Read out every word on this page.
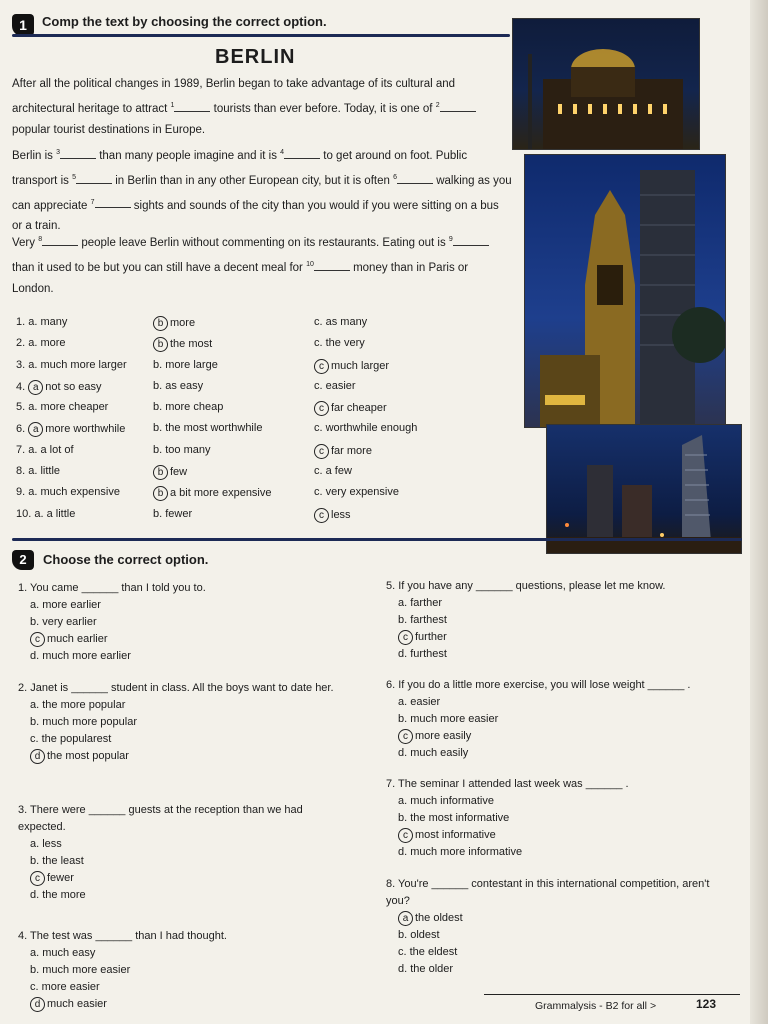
1	Comp the text by choosing the correct option.
BERLIN
After all the political changes in 1989, Berlin began to take advantage of its cultural and architectural heritage to attract $^1$	tourists than ever before. Today, it is one of $^2$ popular tourist destinations in Europe.
Berlin is $^3$	than many people imagine and it is $^4$	to get around on foot. Public transport is $^5$	in Berlin than in any other European city, but it is often $^6$	walking as you can appreciate $^7$	sights and sounds of the city than you would if you were sitting on a bus or a train.
Very $^8$	people leave Berlin without commenting on its restaurants. Eating out is $^9$ than it used to be but you can still have a decent meal for $^{10}$	money than in Paris or London.
1. a. many	b more	c. as many
2. a. more	b the most	c. the very
3. a. much more larger b. more large	c much larger
4. a not so easy	b. as easy	c. easier
5. a. more cheaper	b. more cheap	c far cheaper
6. a more worthwhile	b. the most worthwhile	c. worthwhile enough
7. a. a lot of	b. too many	c far more
8. a. little	b few	c. a few
9. a. much expensive	b a bit more expensive	c. very expensive
10. a. a little	b. fewer	c less
2	Choose the correct option.
1. You came ______ than I told you to.
a. more earlier
b. very earlier
c much earlier
d. much more earlier
2. Janet is ______ student in class. All the boys want to date her.
a. the more popular
b. much more popular
c. the popularest
d the most popular
3. There were ______ guests at the reception than we had expected.
a. less
b. the least
c fewer
d. the more
4. The test was ______ than I had thought.
a. much easy
b. much more easier
c. more easier
d much easier
5. If you have any ______ questions, please let me know.
a. farther
b. farthest
c further
d. furthest
6. If you do a little more exercise, you will lose weight ______ .
a. easier
b. much more easier
c more easily
d. much easily
7. The seminar I attended last week was ______ .
a. much informative
b. the most informative
c most informative
d. much more informative
8. You're ______ contestant in this international competition, aren't you?
a the oldest
b. oldest
c. the eldest
d. the older
Grammalysis - B2 for all >	123
